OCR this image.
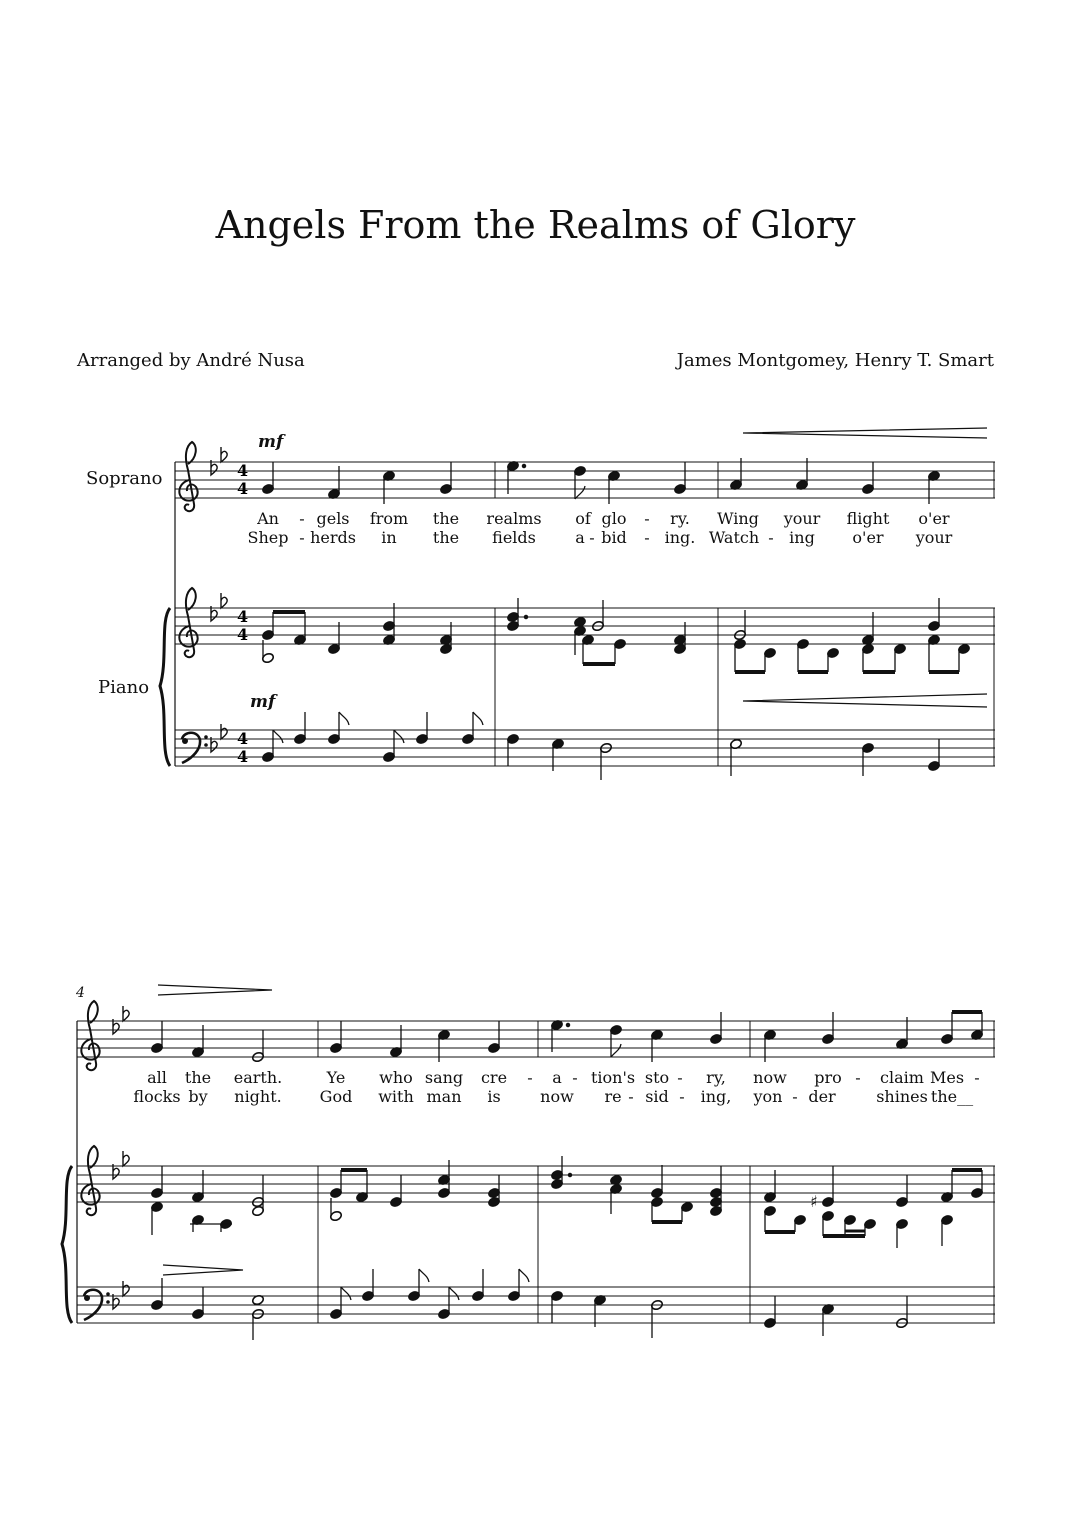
Angels From the Realms of Glory
Arranged by André Nusa	James Montgomey, Henry T. Smart
Soprano
Piano
mf
mf
4
An - gels from the realms of glo - ry. Wing your flight o'er
Shep - herds in the fields a - bid - ing. Watch - ing o'er your
all the earth.	Ye who sang cre - a - tion's sto - ry, now pro - claim Mes -
flocks by night. God with man is now re - sid - ing, yon - der	shines the__
4
4
4
4
4
4
♯
